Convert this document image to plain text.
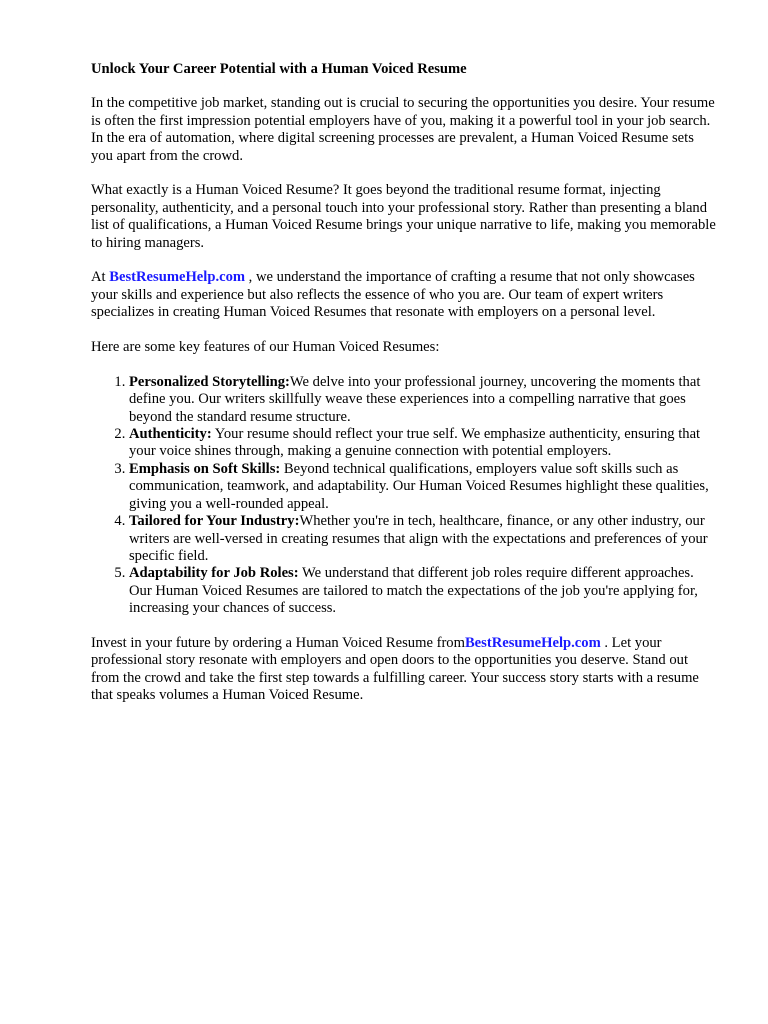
Unlock Your Career Potential with a Human Voiced Resume

In the competitive job market, standing out is crucial to securing the opportunities you desire. Your resume is often the first impression potential employers have of you, making it a powerful tool in your job search. In the era of automation, where digital screening processes are prevalent, a Human Voiced Resume sets you apart from the crowd.

What exactly is a Human Voiced Resume? It goes beyond the traditional resume format, injecting personality, authenticity, and a personal touch into your professional story. Rather than presenting a bland list of qualifications, a Human Voiced Resume brings your unique narrative to life, making you memorable to hiring managers.

At BestResumeHelp.com , we understand the importance of crafting a resume that not only showcases your skills and experience but also reflects the essence of who you are. Our team of expert writers specializes in creating Human Voiced Resumes that resonate with employers on a personal level.

Here are some key features of our Human Voiced Resumes:

1. Personalized Storytelling:We delve into your professional journey, uncovering the moments that define you. Our writers skillfully weave these experiences into a compelling narrative that goes beyond the standard resume structure.
2. Authenticity: Your resume should reflect your true self. We emphasize authenticity, ensuring that your voice shines through, making a genuine connection with potential employers.
3. Emphasis on Soft Skills: Beyond technical qualifications, employers value soft skills such as communication, teamwork, and adaptability. Our Human Voiced Resumes highlight these qualities, giving you a well-rounded appeal.
4. Tailored for Your Industry:Whether you're in tech, healthcare, finance, or any other industry, our writers are well-versed in creating resumes that align with the expectations and preferences of your specific field.
5. Adaptability for Job Roles: We understand that different job roles require different approaches. Our Human Voiced Resumes are tailored to match the expectations of the job you're applying for, increasing your chances of success.

Invest in your future by ordering a Human Voiced Resume fromBestResumeHelp.com . Let your professional story resonate with employers and open doors to the opportunities you deserve. Stand out from the crowd and take the first step towards a fulfilling career. Your success story starts with a resume that speaks volumes a Human Voiced Resume.
